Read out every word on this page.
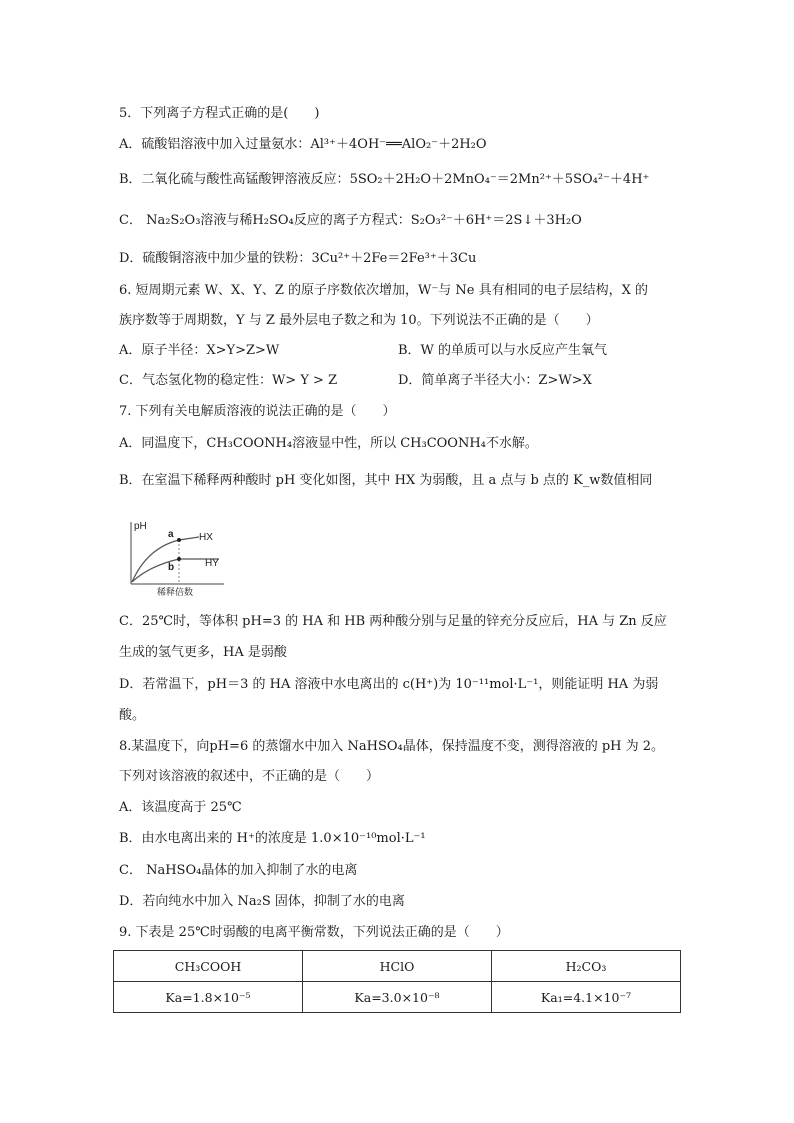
5．下列离子方程式正确的是(　　)
A．硫酸铝溶液中加入过量氨水：Al³⁺＋4OH⁻══AlO₂⁻＋2H₂O
B．二氧化硫与酸性高锰酸钾溶液反应：5SO₂＋2H₂O＋2MnO₄⁻＝2Mn²⁺＋5SO₄²⁻＋4H⁺
C． Na₂S₂O₃溶液与稀H₂SO₄反应的离子方程式：S₂O₃²⁻＋6H⁺＝2S↓＋3H₂O
D．硫酸铜溶液中加少量的铁粉：3Cu²⁺＋2Fe＝2Fe³⁺＋3Cu
6. 短周期元素 W、X、Y、Z 的原子序数依次增加，W⁻与 Ne 具有相同的电子层结构，X 的
族序数等于周期数，Y 与 Z 最外层电子数之和为 10。下列说法不正确的是（　　）
A．原子半径：X>Y>Z>W	B．W 的单质可以与水反应产生氧气
C．气态氢化物的稳定性：W> Y > Z	D．简单离子半径大小：Z>W>X
7. 下列有关电解质溶液的说法正确的是（　　）
A．同温度下，CH₃COONH₄溶液显中性，所以 CH₃COONH₄不水解。
B．在室温下稀释两种酸时 pH 变化如图，其中 HX 为弱酸，且 a 点与 b 点的 K_w数值相同
pH
稀释倍数
a
b
HX
HY
C．25℃时，等体积 pH=3 的 HA 和 HB 两种酸分别与足量的锌充分反应后，HA 与 Zn 反应
生成的氢气更多，HA 是弱酸
D．若常温下，pH＝3 的 HA 溶液中水电离出的 c(H⁺)为 10⁻¹¹mol·L⁻¹，则能证明 HA 为弱
酸。
8.某温度下，向pH=6 的蒸馏水中加入 NaHSO₄晶体，保持温度不变，测得溶液的 pH 为 2。
下列对该溶液的叙述中，不正确的是（　　）
A．该温度高于 25℃
B．由水电离出来的 H⁺的浓度是 1.0×10⁻¹⁰mol·L⁻¹
C． NaHSO₄晶体的加入抑制了水的电离
D．若向纯水中加入 Na₂S 固体，抑制了水的电离
9. 下表是 25℃时弱酸的电离平衡常数，下列说法正确的是（　　）
CH₃COOH	HClO	H₂CO₃
Ka=1.8×10⁻⁵	Ka=3.0×10⁻⁸	Ka₁=4.1×10⁻⁷
